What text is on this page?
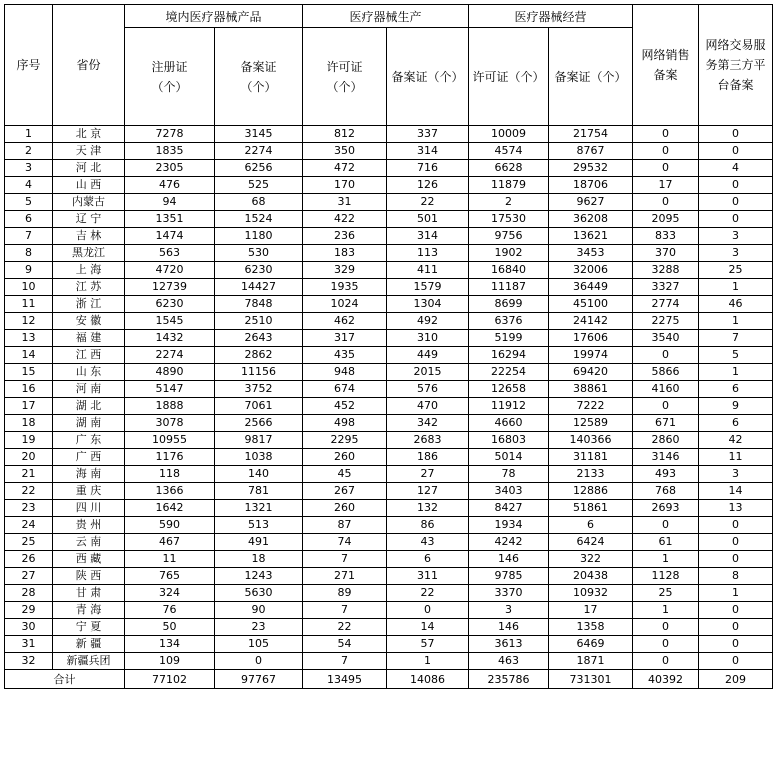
序号	省份	境内医疗器械产品		医疗器械生产		医疗器械经营		网络销售备案	网络交易服务第三方平台备案

		注册证（个）	备案证（个）	许可证（个）	备案证（个）	许可证（个）	备案证（个）		
1	北 京	7278	3145	812	337	10009	21754	0	0
2	天 津	1835	2274	350	314	4574	8767	0	0
3	河 北	2305	6256	472	716	6628	29532	0	4
4	山 西	476	525	170	126	11879	18706	17	0
5	内蒙古	94	68	31	22	2	9627	0	0
6	辽 宁	1351	1524	422	501	17530	36208	2095	0
7	吉 林	1474	1180	236	314	9756	13621	833	3
8	黑龙江	563	530	183	113	1902	3453	370	3
9	上 海	4720	6230	329	411	16840	32006	3288	25
10	江 苏	12739	14427	1935	1579	11187	36449	3327	1
11	浙 江	6230	7848	1024	1304	8699	45100	2774	46
12	安 徽	1545	2510	462	492	6376	24142	2275	1
13	福 建	1432	2643	317	310	5199	17606	3540	7
14	江 西	2274	2862	435	449	16294	19974	0	5
15	山 东	4890	11156	948	2015	22254	69420	5866	1
16	河 南	5147	3752	674	576	12658	38861	4160	6
17	湖 北	1888	7061	452	470	11912	7222	0	9
18	湖 南	3078	2566	498	342	4660	12589	671	6
19	广 东	10955	9817	2295	2683	16803	140366	2860	42
20	广 西	1176	1038	260	186	5014	31181	3146	11
21	海 南	118	140	45	27	78	2133	493	3
22	重 庆	1366	781	267	127	3403	12886	768	14
23	四 川	1642	1321	260	132	8427	51861	2693	13
24	贵 州	590	513	87	86	1934	6	0	0
25	云 南	467	491	74	43	4242	6424	61	0
26	西 藏	11	18	7	6	146	322	1	0
27	陕 西	765	1243	271	311	9785	20438	1128	8
28	甘 肃	324	5630	89	22	3370	10932	25	1
29	青 海	76	90	7	0	3	17	1	0
30	宁 夏	50	23	22	14	146	1358	0	0
31	新 疆	134	105	54	57	3613	6469	0	0
32	新疆兵团	109	0	7	1	463	1871	0	0
合计		77102	97767	13495	14086	235786	731301	40392	209
